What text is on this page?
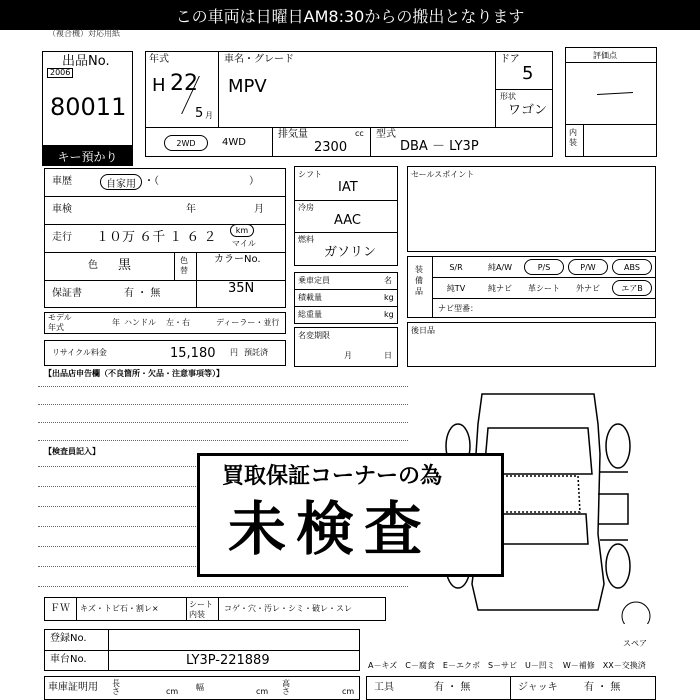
この車両は日曜日AM8:30からの搬出となります
（複合機）対応用紙
出品No.
2006
80011
キー預かり
年式
H 22
5 月
車名・グレード
MPV
ドア
5
形状
ワゴン
2WD	4WD
排気量	cc
2300
型式
DBA － LY3P
評価点
内装
車歴	自家用 ・（　　　　　　　　　）
車検	年	月
走行 １０万 ６千 １ ６ ２ km
マイル
色 黒	色替
カラーNo.
35N
保証書	有 ・ 無
モデル年式
年 ハンドル 左・右	ディーラー・並行
リサイクル料金	15,180 円 預託済
シフト
IAT
冷房
AAC
燃料
ガソリン
乗車定員	名
積載量	kg
総重量	kg
名変期限
月	日
セールスポイント
装備品
S/R	純A/W	P/S	P/W	ABS
純TV	純ナビ	革シート	外ナビ	エアB
ナビ型番：
後日品
【出品店申告欄（不良箇所・欠品・注意事項等）】
【検査員記入】
スペア
買取保証コーナーの為
未検査
ＦＷ キズ・トビ石・割レ×	シート内装
コゲ・穴・汚レ・シミ・破レ・スレ
登録No.
車台No.	LY3P-221889	A－キズ　C－腐食　E－エクボ　S－サビ　U－凹ミ　W－補修　XX－交換済
車庫証明用 長さ	cm 幅	cm
高さ	cm 工具	有 ・ 無	ジャッキ	有 ・ 無
